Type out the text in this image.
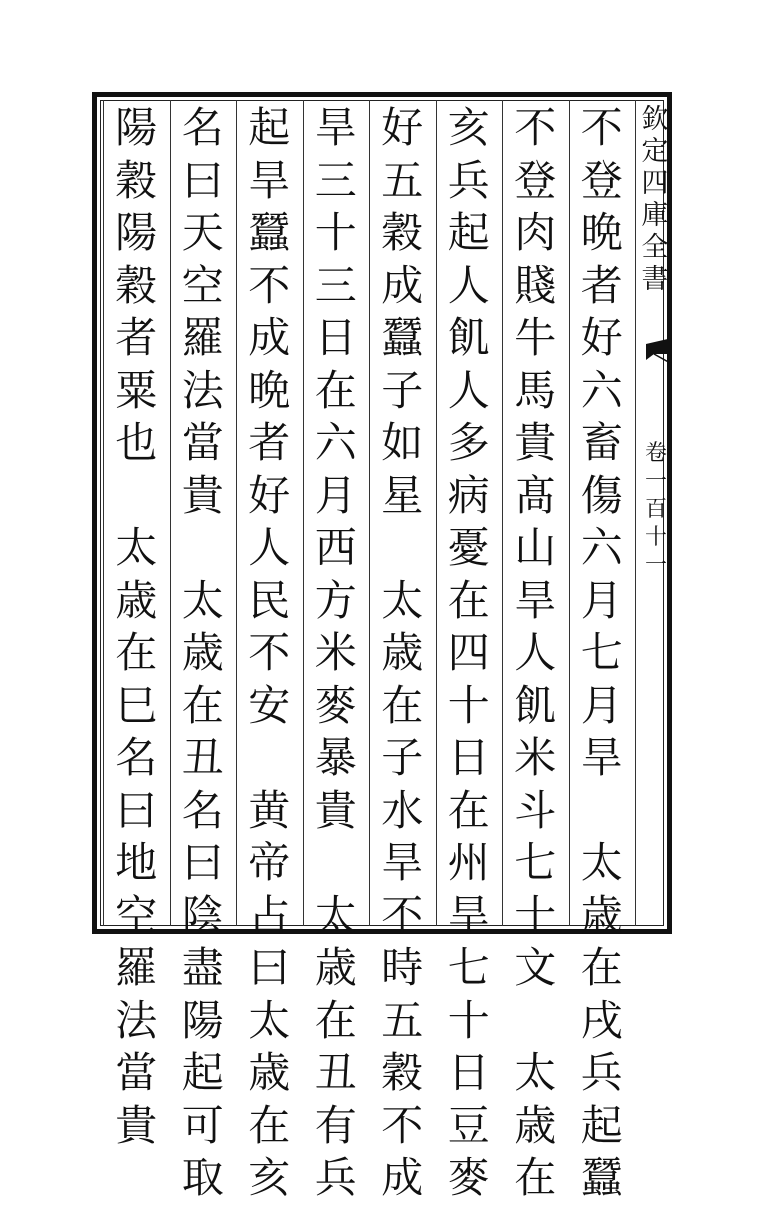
欽
定
四
庫
全
書
卷
一
百
十
一
不
登
晩
者
好
六
畜
傷
六
月
七
月
旱
太
歳
在
戌
兵
起
蠶
不
登
肉
賤
牛
馬
貴
髙
山
旱
人
飢
米
斗
七
十
文
太
歳
在
亥
兵
起
人
飢
人
多
病
憂
在
四
十
日
在
州
旱
七
十
日
豆
麥
好
五
穀
成
蠶
子
如
星
太
歳
在
子
水
旱
不
時
五
穀
不
成
旱
三
十
三
日
在
六
月
西
方
米
麥
暴
貴
太
歳
在
丑
有
兵
起
旱
蠶
不
成
晩
者
好
人
民
不
安
黄
帝
占
曰
太
歳
在
亥
名
曰
天
空
羅
法
當
貴
太
歳
在
丑
名
曰
陰
盡
陽
起
可
取
陽
穀
陽
穀
者
粟
也
太
歳
在
巳
名
曰
地
空
羅
法
當
貴
